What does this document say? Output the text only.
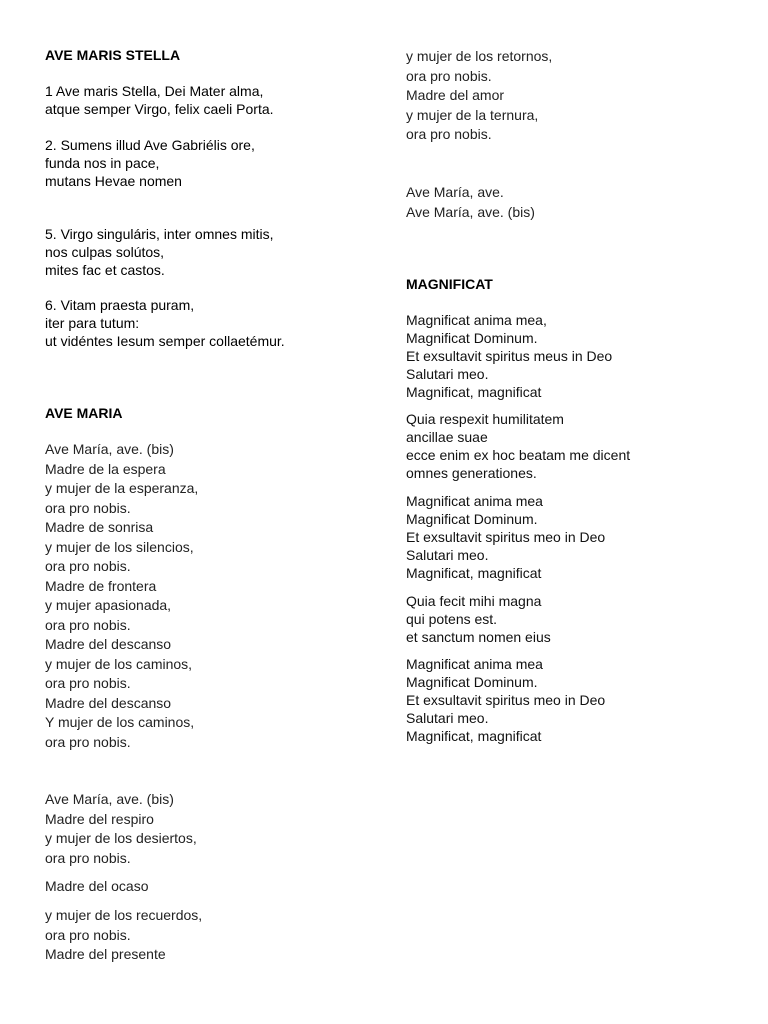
AVE MARIS STELLA
1 Ave maris Stella, Dei Mater alma,
atque semper Virgo, felix caeli Porta.
2. Sumens illud Ave Gabriélis ore,
funda nos in pace,
mutans Hevae nomen
5. Virgo singuláris, inter omnes mitis,
nos culpas solútos,
mites fac et castos.
6. Vitam praesta puram,
iter para tutum:
ut vidéntes Iesum semper collaetémur.
AVE MARIA
Ave María, ave. (bis)
Madre de la espera
y mujer de la esperanza,
ora pro nobis.
Madre de sonrisa
y mujer de los silencios,
ora pro nobis.
Madre de frontera
y mujer apasionada,
ora pro nobis.
Madre del descanso
y mujer de los caminos,
ora pro nobis.
Madre del descanso
Y mujer de los caminos,
ora pro nobis.
Ave María, ave. (bis)
Madre del respiro
y mujer de los desiertos,
ora pro nobis.
Madre del ocaso
y mujer de los recuerdos,
ora pro nobis.
Madre del presente
y mujer de los retornos,
ora pro nobis.
Madre del amor
y mujer de la ternura,
ora pro nobis.
Ave María, ave.
Ave María, ave. (bis)
MAGNIFICAT
Magnificat anima mea,
Magnificat Dominum.
Et exsultavit spiritus meus in Deo
Salutari meo.
Magnificat, magnificat
Quia respexit humilitatem
ancillae suae
ecce enim ex hoc beatam me dicent
omnes generationes.
Magnificat anima mea
Magnificat Dominum.
Et exsultavit spiritus meo in Deo
Salutari meo.
Magnificat, magnificat
Quia fecit mihi magna
qui potens est.
et sanctum nomen eius
Magnificat anima mea
Magnificat Dominum.
Et exsultavit spiritus meo in Deo
Salutari meo.
Magnificat, magnificat
